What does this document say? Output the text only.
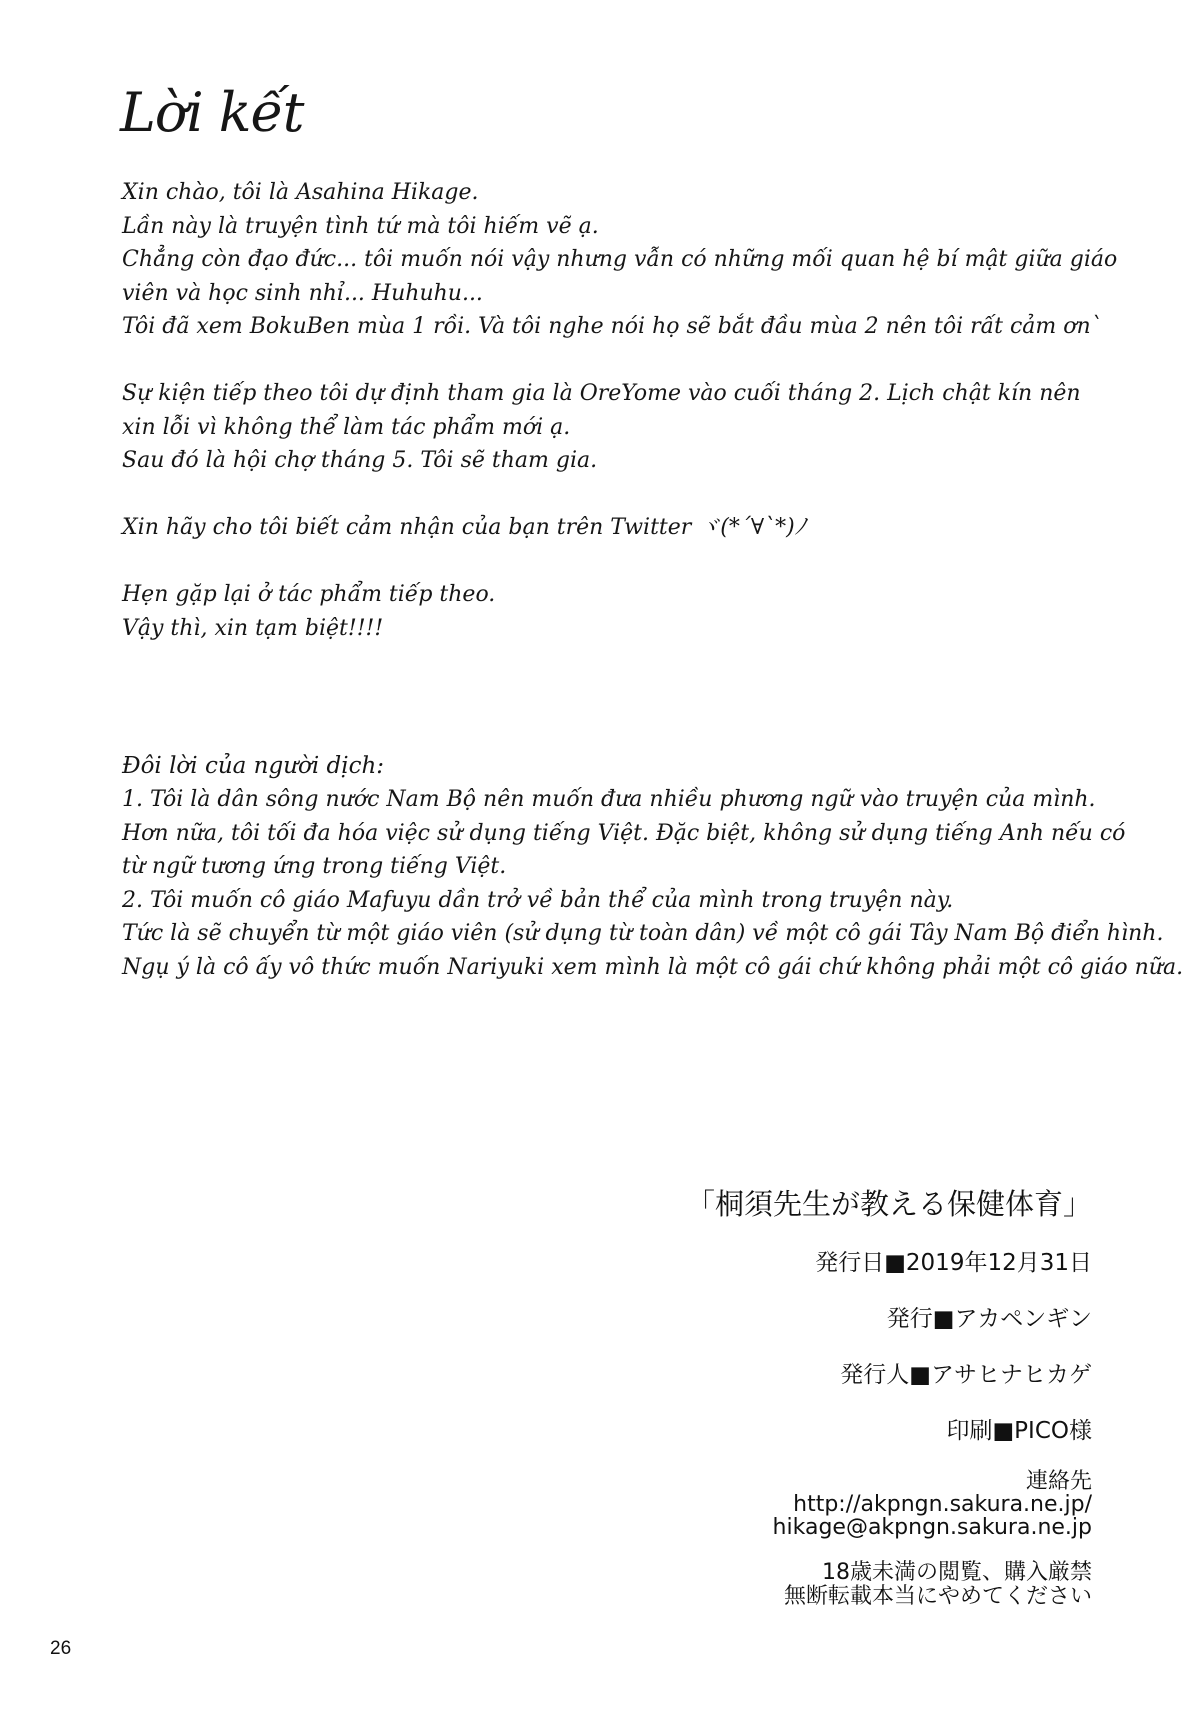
Lời kết
Xin chào, tôi là Asahina Hikage.
Lần này là truyện tình tứ mà tôi hiếm vẽ ạ.
Chẳng còn đạo đức... tôi muốn nói vậy nhưng vẫn có những mối quan hệ bí mật giữa giáo
viên và học sinh nhỉ... Huhuhu...
Tôi đã xem BokuBen mùa 1 rồi. Và tôi nghe nói họ sẽ bắt đầu mùa 2 nên tôi rất cảm ơn`
Sự kiện tiếp theo tôi dự định tham gia là OreYome vào cuối tháng 2. Lịch chật kín nên
xin lỗi vì không thể làm tác phẩm mới ạ.
Sau đó là hội chợ tháng 5. Tôi sẽ tham gia.
Xin hãy cho tôi biết cảm nhận của bạn trên Twitter ヾ(*´∀`*)ﾉ
Hẹn gặp lại ở tác phẩm tiếp theo.
Vậy thì, xin tạm biệt!!!!
Đôi lời của người dịch:
1. Tôi là dân sông nước Nam Bộ nên muốn đưa nhiều phương ngữ vào truyện của mình.
Hơn nữa, tôi tối đa hóa việc sử dụng tiếng Việt. Đặc biệt, không sử dụng tiếng Anh nếu có
từ ngữ tương ứng trong tiếng Việt.
2. Tôi muốn cô giáo Mafuyu dần trở về bản thể của mình trong truyện này.
Tức là sẽ chuyển từ một giáo viên (sử dụng từ toàn dân) về một cô gái Tây Nam Bộ điển hình.
Ngụ ý là cô ấy vô thức muốn Nariyuki xem mình là một cô gái chứ không phải một cô giáo nữa.
「桐須先生が教える保健体育」
発行日■2019年12月31日
発行■アカペンギン
発行人■アサヒナヒカゲ
印刷■PICO様
連絡先
http://akpngn.sakura.ne.jp/
hikage@akpngn.sakura.ne.jp
18歳未満の閲覧、購入厳禁
無断転載本当にやめてください
26
